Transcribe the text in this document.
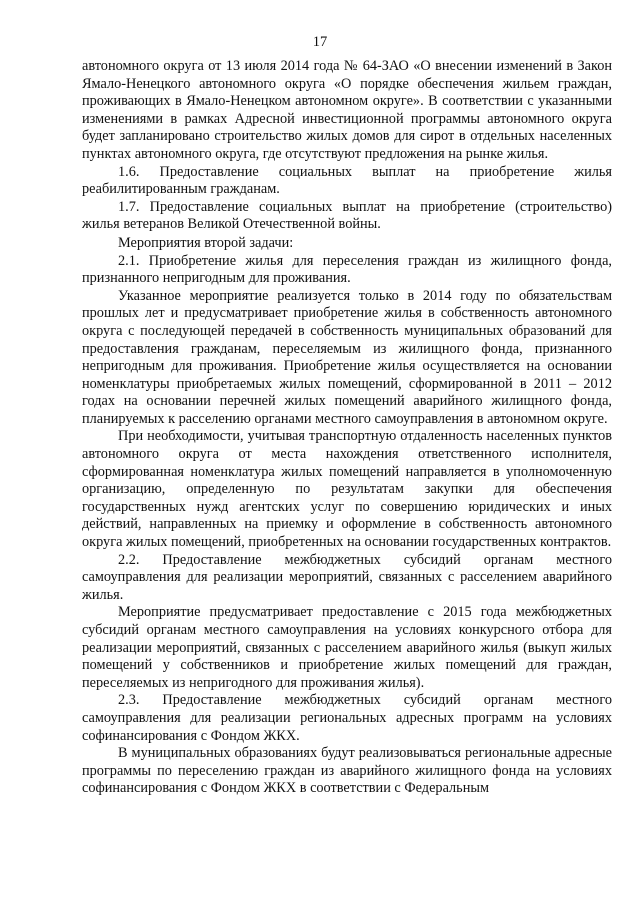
17

автономного округа от 13 июля 2014 года № 64-ЗАО «О внесении изменений в Закон Ямало-Ненецкого автономного округа «О порядке обеспечения жильем граждан, проживающих в Ямало-Ненецком автономном округе». В соответствии с указанными изменениями в рамках Адресной инвестиционной программы автономного округа будет запланировано строительство жилых домов для сирот в отдельных населенных пунктах автономного округа, где отсутствуют предложения на рынке жилья.

1.6. Предоставление социальных выплат на приобретение жилья реабилитированным гражданам.

1.7. Предоставление социальных выплат на приобретение (строительство) жилья ветеранов Великой Отечественной войны.

Мероприятия второй задачи:

2.1. Приобретение жилья для переселения граждан из жилищного фонда, признанного непригодным для проживания.

Указанное мероприятие реализуется только в 2014 году по обязательствам прошлых лет и предусматривает приобретение жилья в собственность автономного округа с последующей передачей в собственность муниципальных образований для предоставления гражданам, переселяемым из жилищного фонда, признанного непригодным для проживания. Приобретение жилья осуществляется на основании номенклатуры приобретаемых жилых помещений, сформированной в 2011 – 2012 годах на основании перечней жилых помещений аварийного жилищного фонда, планируемых к расселению органами местного самоуправления в автономном округе.

При необходимости, учитывая транспортную отдаленность населенных пунктов автономного округа от места нахождения ответственного исполнителя, сформированная номенклатура жилых помещений направляется в уполномоченную организацию, определенную по результатам закупки для обеспечения государственных нужд агентских услуг по совершению юридических и иных действий, направленных на приемку и оформление в собственность автономного округа жилых помещений, приобретенных на основании государственных контрактов.

2.2. Предоставление межбюджетных субсидий органам местного самоуправления для реализации мероприятий, связанных с расселением аварийного жилья.

Мероприятие предусматривает предоставление с 2015 года межбюджетных субсидий органам местного самоуправления на условиях конкурсного отбора для реализации мероприятий, связанных с расселением аварийного жилья (выкуп жилых помещений у собственников и приобретение жилых помещений для граждан, переселяемых из непригодного для проживания жилья).

2.3. Предоставление межбюджетных субсидий органам местного самоуправления для реализации региональных адресных программ на условиях софинансирования с Фондом ЖКХ.

В муниципальных образованиях будут реализовываться региональные адресные программы по переселению граждан из аварийного жилищного фонда на условиях софинансирования с Фондом ЖКХ в соответствии с Федеральным
